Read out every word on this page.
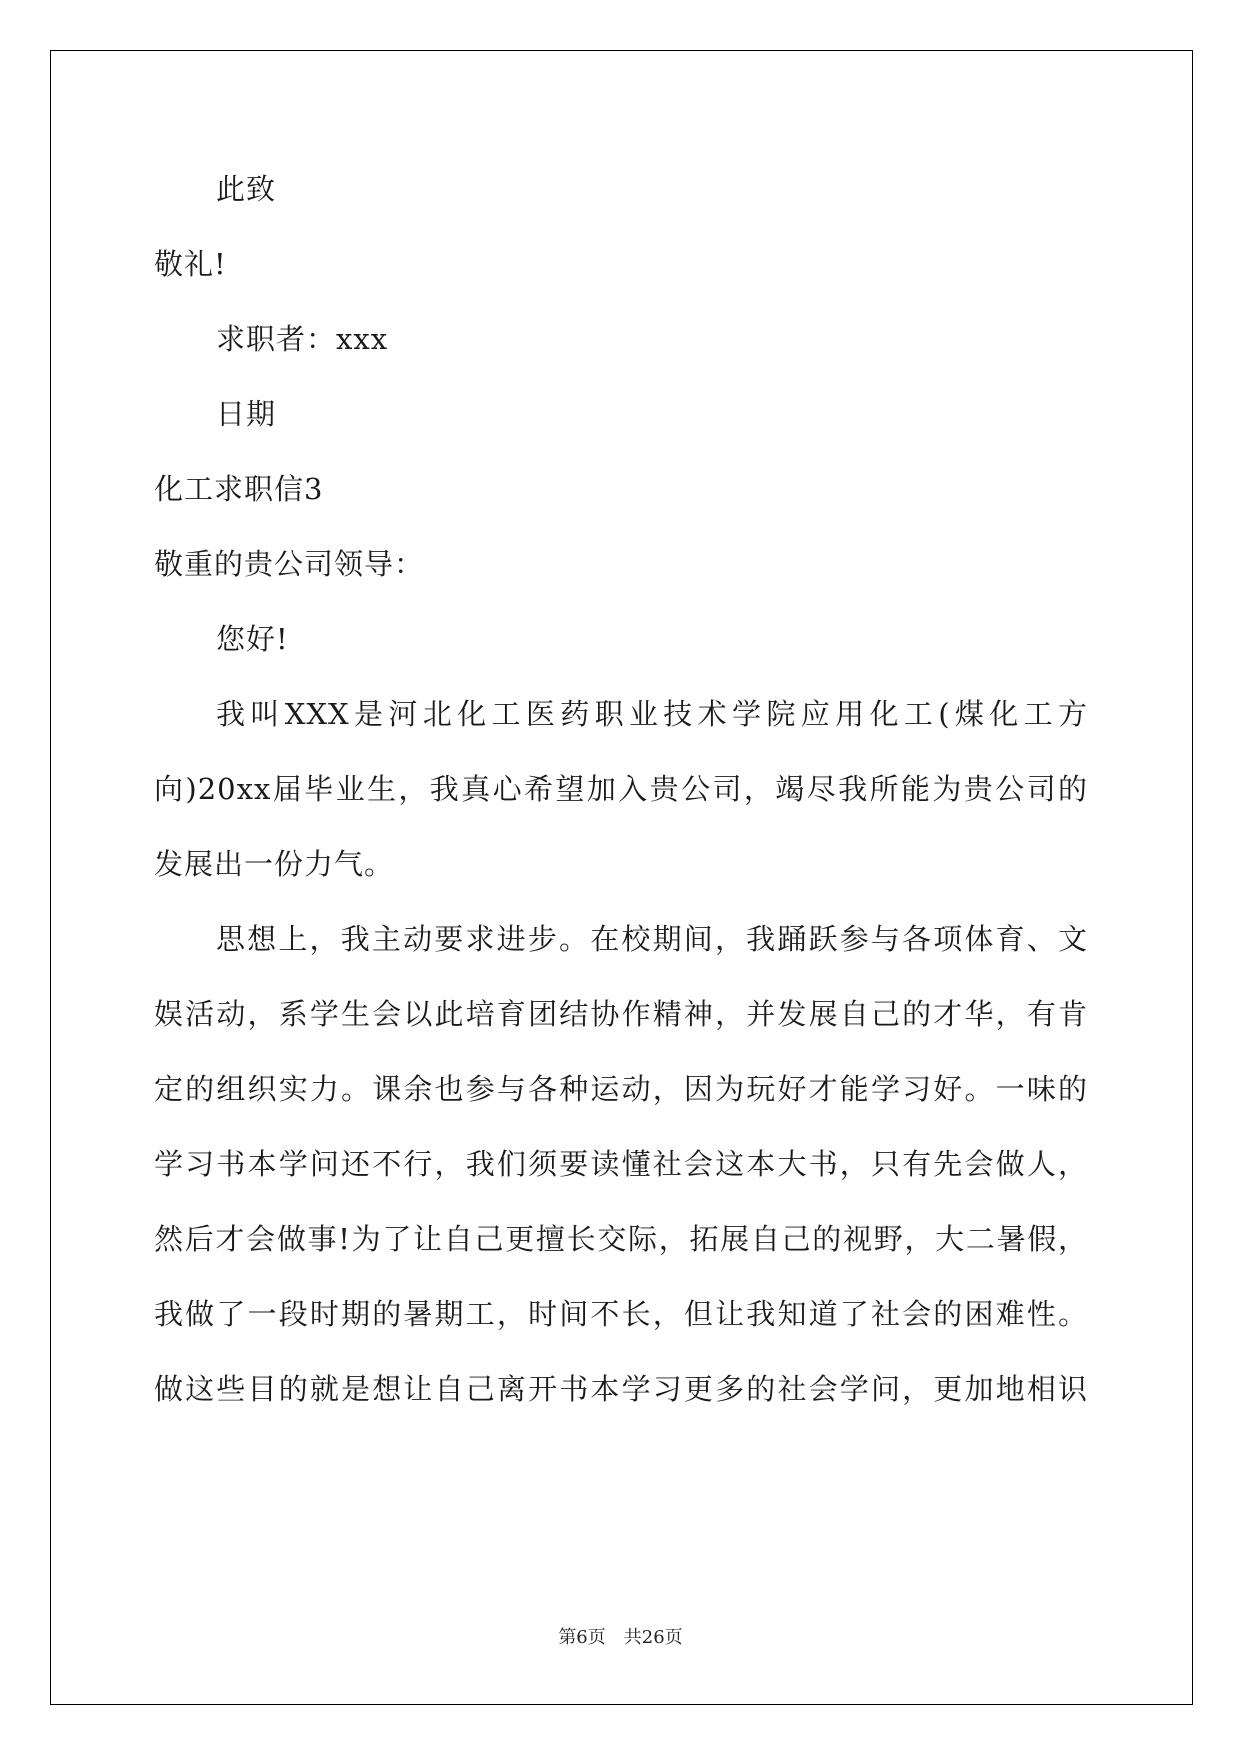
此致
敬礼!
求职者：xxx
日期
化工求职信3
敬重的贵公司领导：
您好!
我叫XXX是河北化工医药职业技术学院应用化工(煤化工方
向)20xx届毕业生，我真心希望加入贵公司，竭尽我所能为贵公司的
发展出一份力气。
思想上，我主动要求进步。在校期间，我踊跃参与各项体育、文
娱活动，系学生会以此培育团结协作精神，并发展自己的才华，有肯
定的组织实力。课余也参与各种运动，因为玩好才能学习好。一味的
学习书本学问还不行，我们须要读懂社会这本大书，只有先会做人，
然后才会做事!为了让自己更擅长交际，拓展自己的视野，大二暑假，
我做了一段时期的暑期工，时间不长，但让我知道了社会的困难性。
做这些目的就是想让自己离开书本学习更多的社会学问，更加地相识
第6页 共26页
